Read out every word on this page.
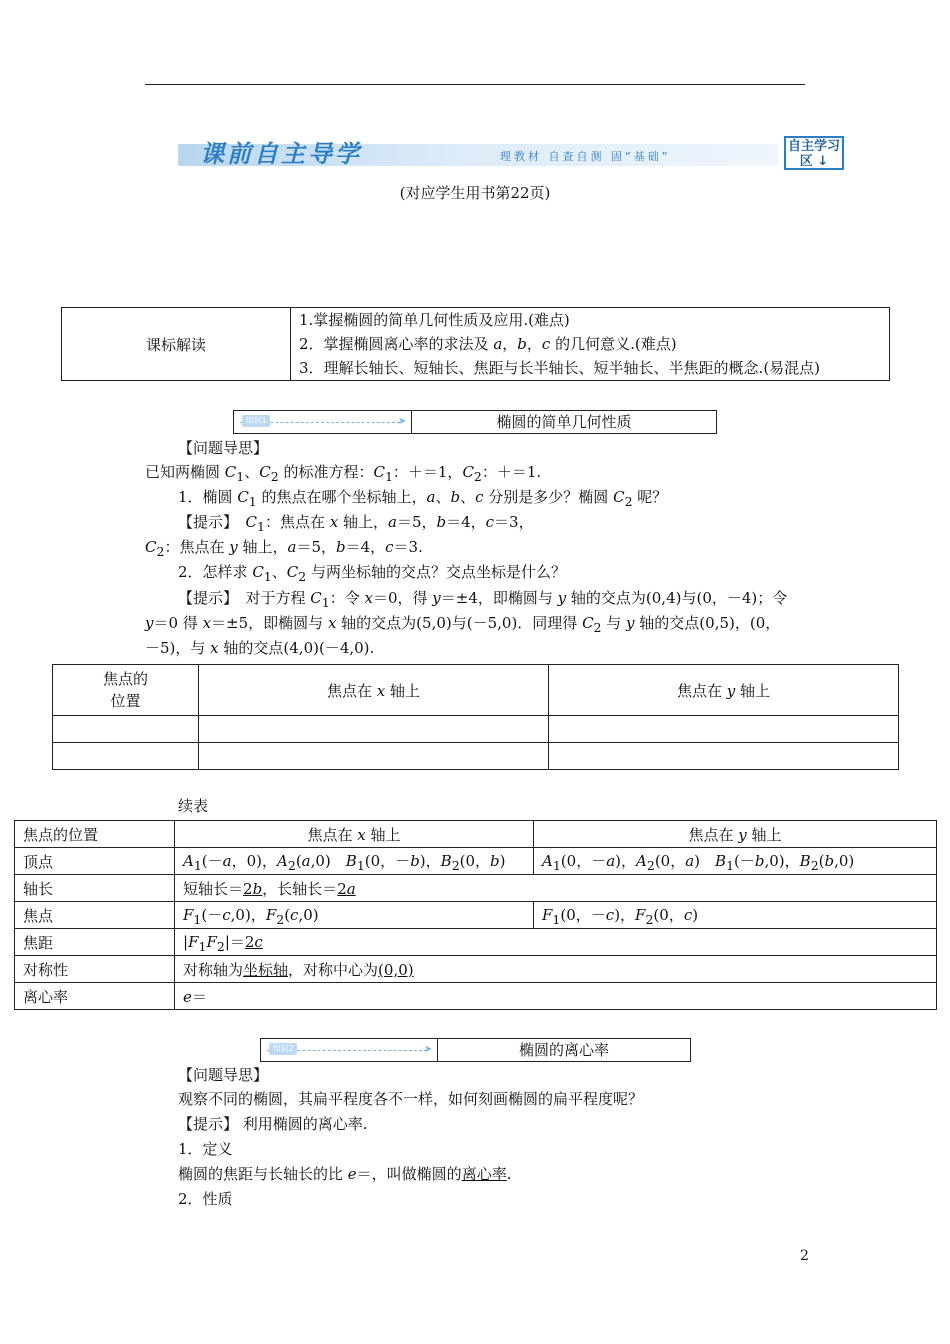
课前自主导学	理教材 自查自测 固“基础”
自主学习区 ↓
(对应学生用书第22页)
课标解读	
1.掌握椭圆的简单几何性质及应用.(难点)
2．掌握椭圆离心率的求法及 a，b，c 的几何意义.(难点)
3．理解长轴长、短轴长、焦距与长半轴长、短半轴长、半焦距的概念.(易混点)
知识1	➤	椭圆的简单几何性质
【问题导思】
已知两椭圆 $C_1$、$C_2$ 的标准方程：$C_1$：＋＝1，$C_2$：＋＝1.
1．椭圆 $C_1$ 的焦点在哪个坐标轴上，a、b、c 分别是多少？椭圆 $C_2$ 呢？
【提示】　$C_1$：焦点在 x 轴上，a＝5，b＝4，c＝3，
$C_2$：焦点在 y 轴上，a＝5，b＝4，c＝3.
2．怎样求 $C_1$、$C_2$ 与两坐标轴的交点？交点坐标是什么？
【提示】　对于方程 $C_1$：令 x＝0，得 y＝±4，即椭圆与 y 轴的交点为(0,4)与(0，－4)；令
y＝0 得 x＝±5，即椭圆与 x 轴的交点为(5,0)与(－5,0)．同理得 $C_2$ 与 y 轴的交点(0,5)，(0，
－5)，与 x 轴的交点(4,0)(－4,0).
焦点的
位置	焦点在 x 轴上	焦点在 y 轴上

续表
焦点的位置	焦点在 x 轴上	焦点在 y 轴上
顶点	$A_1(-a$，0)，$A_2(a,0)$　$B_1(0$，－b)，$B_2(0$，b)	$A_1(0$，－a)，$A_2(0$，a)　$B_1(-b,0)$，$B_2(b,0)$
轴长	短轴长＝2b，长轴长＝2a	
焦点	$F_1(-c,0)$，$F_2(c,0)$	$F_1(0$，－c)，$F_2(0$，c)
焦距	$|F_1F_2|=2c$	
对称性	对称轴为坐标轴，对称中心为(0,0)	
离心率	e＝	
知识2	➤	椭圆的离心率
【问题导思】
观察不同的椭圆，其扁平程度各不一样，如何刻画椭圆的扁平程度呢？
【提示】 利用椭圆的离心率.
1．定义
椭圆的焦距与长轴长的比 e＝，叫做椭圆的离心率.
2．性质
2
